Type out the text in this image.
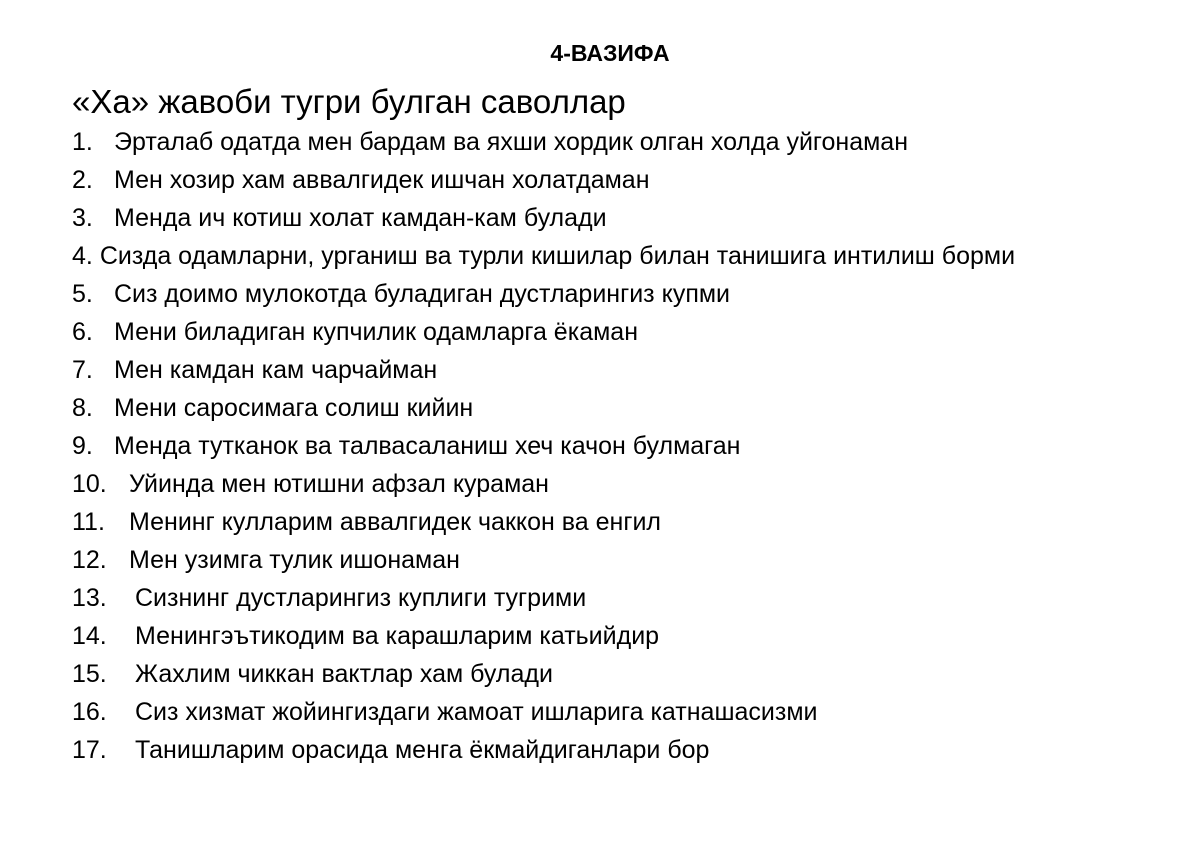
4-ВАЗИФА
«Ха» жавоби тугри булган саволлар
1. Эрталаб одатда мен бардам ва яхши хордик олган холда уйгонаман
2. Мен хозир хам аввалгидек ишчан холатдаман
3. Менда ич котиш холат камдан-кам булади
4. Сизда одамларни, урганиш ва турли кишилар билан танишига интилиш борми
5. Сиз доимо мулокотда буладиган дустларингиз купми
6. Мени биладиган купчилик одамларга ёкаман
7. Мен камдан кам чарчайман
8. Мени саросимага солиш кийин
9. Менда тутканок ва талвасаланиш хеч качон булмаган
10. Уйинда мен ютишни афзал кураман
11. Менинг кулларим аввалгидек чаккон ва енгил
12. Мен узимга тулик ишонаман
13. Сизнинг дустларингиз куплиги тугрими
14. Менингэътикодим ва карашларим катьийдир
15. Жахлим чиккан вактлар хам булади
16. Сиз хизмат жойингиздаги жамоат ишларига катнашасизми
17. Танишларим орасида менга ёкмайдиганлари бор
